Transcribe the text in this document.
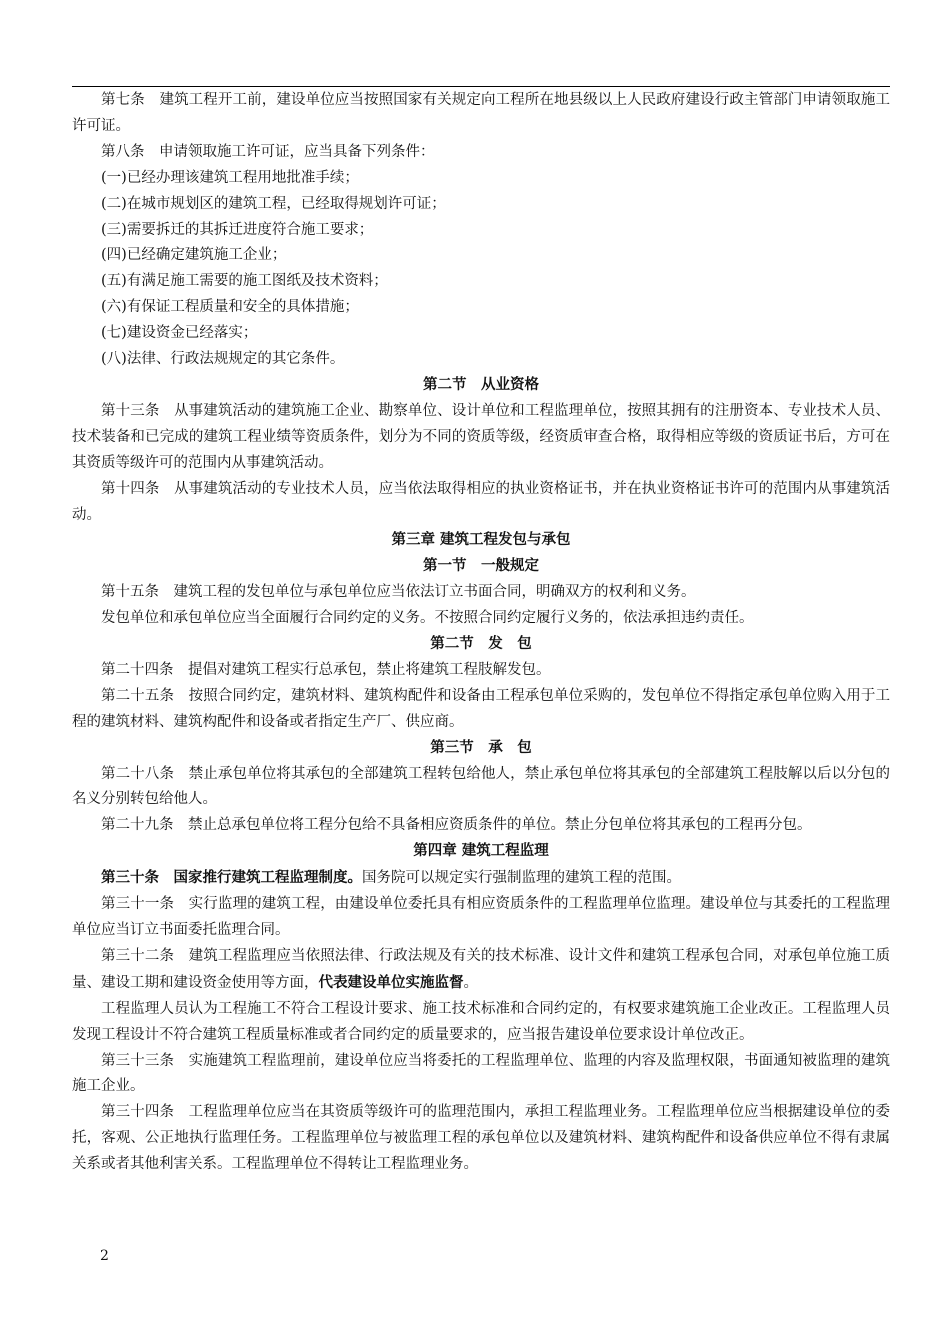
第七条　建筑工程开工前，建设单位应当按照国家有关规定向工程所在地县级以上人民政府建设行政主管部门申请领取施工许可证。

第八条　申请领取施工许可证，应当具备下列条件：

(一)已经办理该建筑工程用地批准手续；

(二)在城市规划区的建筑工程，已经取得规划许可证；

(三)需要拆迁的其拆迁进度符合施工要求；

(四)已经确定建筑施工企业；

(五)有满足施工需要的施工图纸及技术资料；

(六)有保证工程质量和安全的具体措施；

(七)建设资金已经落实；

(八)法律、行政法规规定的其它条件。

第二节　从业资格

第十三条　从事建筑活动的建筑施工企业、勘察单位、设计单位和工程监理单位，按照其拥有的注册资本、专业技术人员、技术装备和已完成的建筑工程业绩等资质条件，划分为不同的资质等级，经资质审查合格，取得相应等级的资质证书后，方可在其资质等级许可的范围内从事建筑活动。

第十四条　从事建筑活动的专业技术人员，应当依法取得相应的执业资格证书，并在执业资格证书许可的范围内从事建筑活动。

第三章 建筑工程发包与承包

第一节　一般规定

第十五条　建筑工程的发包单位与承包单位应当依法订立书面合同，明确双方的权利和义务。

发包单位和承包单位应当全面履行合同约定的义务。不按照合同约定履行义务的，依法承担违约责任。

第二节　发　包

第二十四条　提倡对建筑工程实行总承包，禁止将建筑工程肢解发包。

第二十五条　按照合同约定，建筑材料、建筑构配件和设备由工程承包单位采购的，发包单位不得指定承包单位购入用于工程的建筑材料、建筑构配件和设备或者指定生产厂、供应商。

第三节　承　包

第二十八条　禁止承包单位将其承包的全部建筑工程转包给他人，禁止承包单位将其承包的全部建筑工程肢解以后以分包的名义分别转包给他人。

第二十九条　禁止总承包单位将工程分包给不具备相应资质条件的单位。禁止分包单位将其承包的工程再分包。

第四章 建筑工程监理

第三十条　国家推行建筑工程监理制度。国务院可以规定实行强制监理的建筑工程的范围。

第三十一条　实行监理的建筑工程，由建设单位委托具有相应资质条件的工程监理单位监理。建设单位与其委托的工程监理单位应当订立书面委托监理合同。

第三十二条　建筑工程监理应当依照法律、行政法规及有关的技术标准、设计文件和建筑工程承包合同，对承包单位施工质量、建设工期和建设资金使用等方面，代表建设单位实施监督。

工程监理人员认为工程施工不符合工程设计要求、施工技术标准和合同约定的，有权要求建筑施工企业改正。工程监理人员发现工程设计不符合建筑工程质量标准或者合同约定的质量要求的，应当报告建设单位要求设计单位改正。

第三十三条　实施建筑工程监理前，建设单位应当将委托的工程监理单位、监理的内容及监理权限，书面通知被监理的建筑施工企业。

第三十四条　工程监理单位应当在其资质等级许可的监理范围内，承担工程监理业务。工程监理单位应当根据建设单位的委托，客观、公正地执行监理任务。工程监理单位与被监理工程的承包单位以及建筑材料、建筑构配件和设备供应单位不得有隶属关系或者其他利害关系。工程监理单位不得转让工程监理业务。

2
